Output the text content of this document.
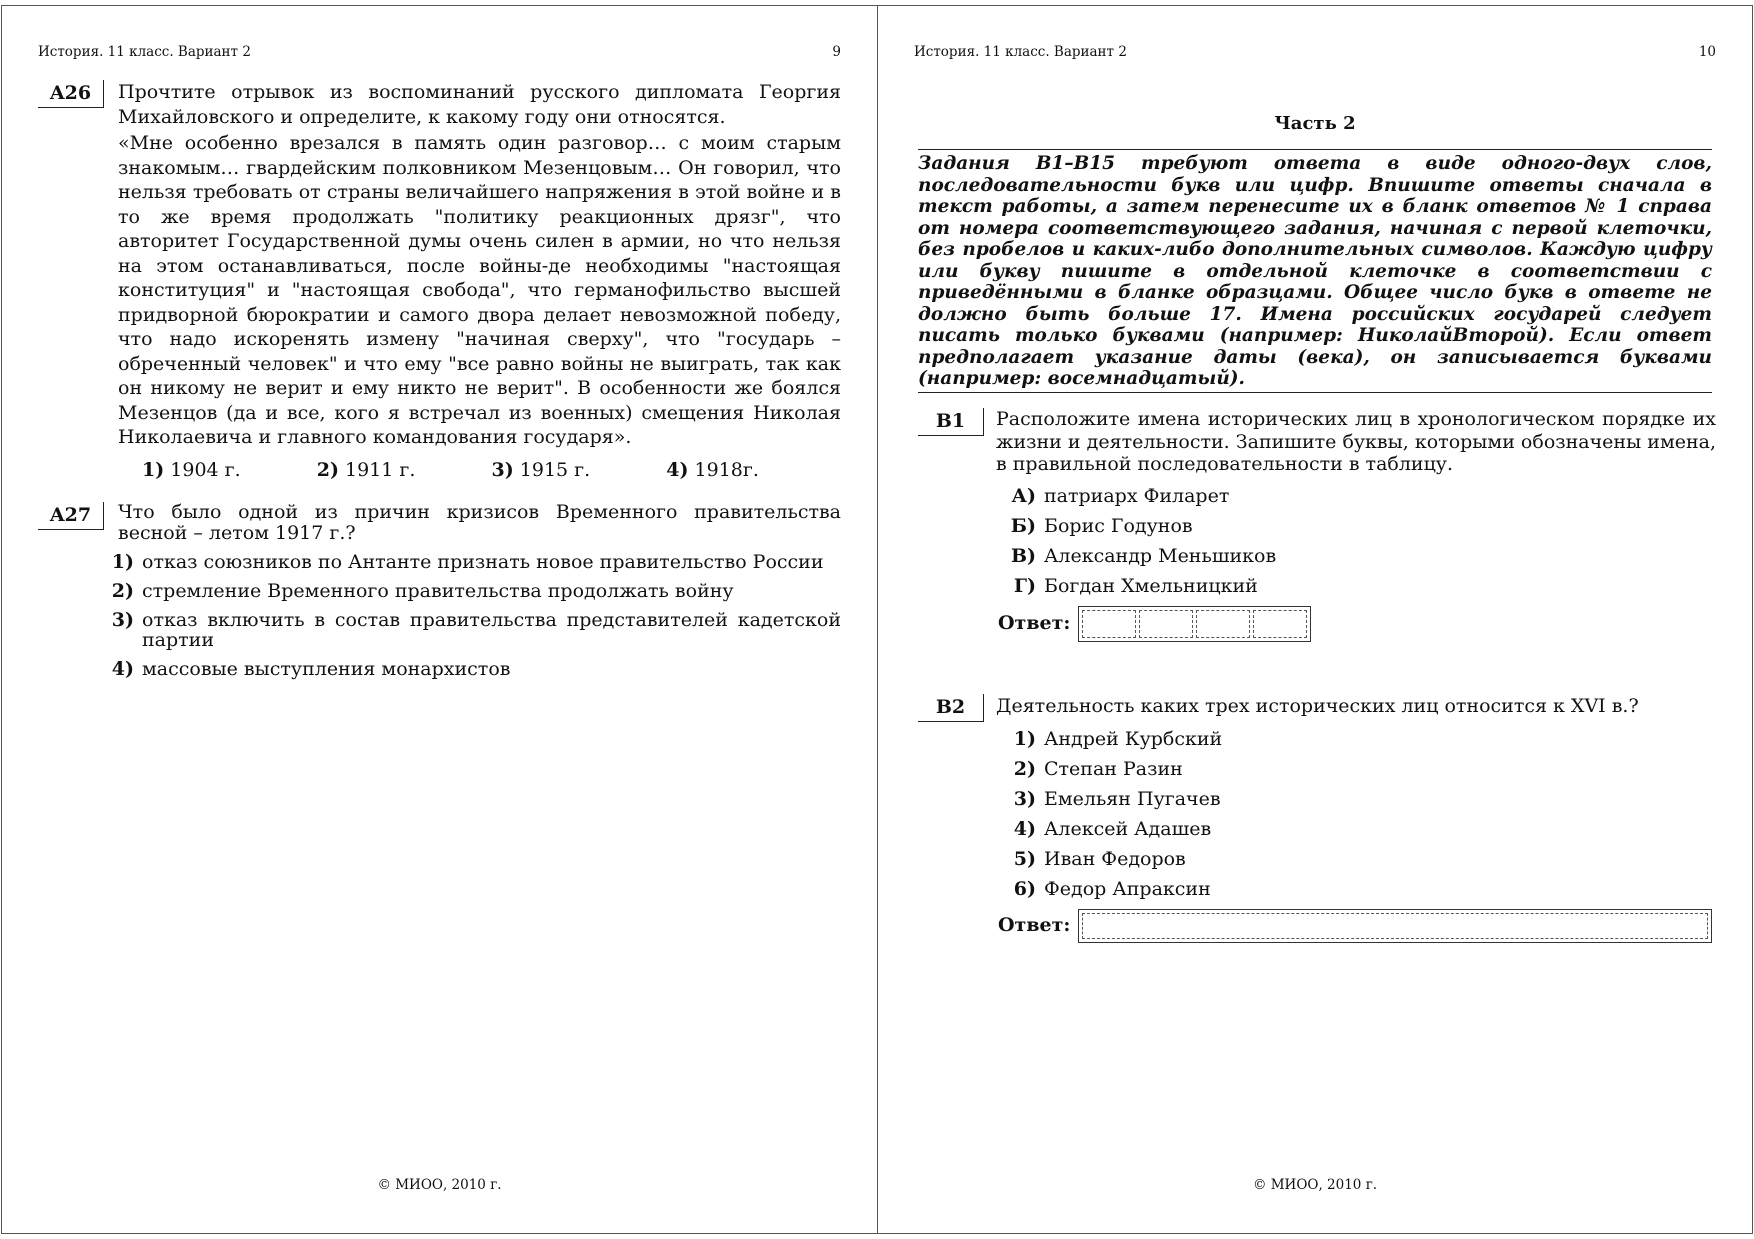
История. 11 класс. Вариант 2	9
A26	Прочтите отрывок из воспоминаний русского дипломата Георгия Михайловского и определите, к какому году они относятся.

«Мне особенно врезался в память один разговор… с моим старым знакомым… гвардейским полковником Мезенцовым… Он говорил, что нельзя требовать от страны величайшего напряжения в этой войне и в то же время продолжать "политику реакционных дрязг", что авторитет Государственной думы очень силен в армии, но что нельзя на этом останавливаться, после войны-де необходимы "настоящая конституция" и "настоящая свобода", что германофильство высшей придворной бюрократии и самого двора делает невозможной победу, что надо искоренять измену "начиная сверху", что "государь – обреченный человек" и что ему "все равно войны не выиграть, так как он никому не верит и ему никто не верит". В особенности же боялся Мезенцов (да и все, кого я встречал из военных) смещения Николая Николаевича и главного командования государя».

1) 1904 г.	2) 1911 г.	3) 1915 г.	4) 1918г.
A27	Что было одной из причин кризисов Временного правительства весной – летом 1917 г.?

1) отказ союзников по Антанте признать новое правительство России
2) стремление Временного правительства продолжать войну
3) отказ включить в состав правительства представителей кадетской партии
4) массовые выступления монархистов
© МИОО, 2010 г.
История. 11 класс. Вариант 2	10
Часть 2
Задания В1–В15 требуют ответа в виде одного-двух слов, последовательности букв или цифр. Впишите ответы сначала в текст работы, а затем перенесите их в бланк ответов № 1 справа от номера соответствующего задания, начиная с первой клеточки, без пробелов и каких-либо дополнительных символов. Каждую цифру или букву пишите в отдельной клеточке в соответствии с приведёнными в бланке образцами. Общее число букв в ответе не должно быть больше 17. Имена российских государей следует писать только буквами (например: НиколайВторой). Если ответ предполагает указание даты (века), он записывается буквами (например: восемнадцатый).
B1	Расположите имена исторических лиц в хронологическом порядке их жизни и деятельности. Запишите буквы, которыми обозначены имена, в правильной последовательности в таблицу.

А) патриарх Филарет
Б) Борис Годунов
В) Александр Меньшиков
Г) Богдан Хмельницкий
Ответ:
B2	Деятельность каких трех исторических лиц относится к XVI в.?

1) Андрей Курбский
2) Степан Разин
3) Емельян Пугачев
4) Алексей Адашев
5) Иван Федоров
6) Федор Апраксин
Ответ:
© МИОО, 2010 г.
